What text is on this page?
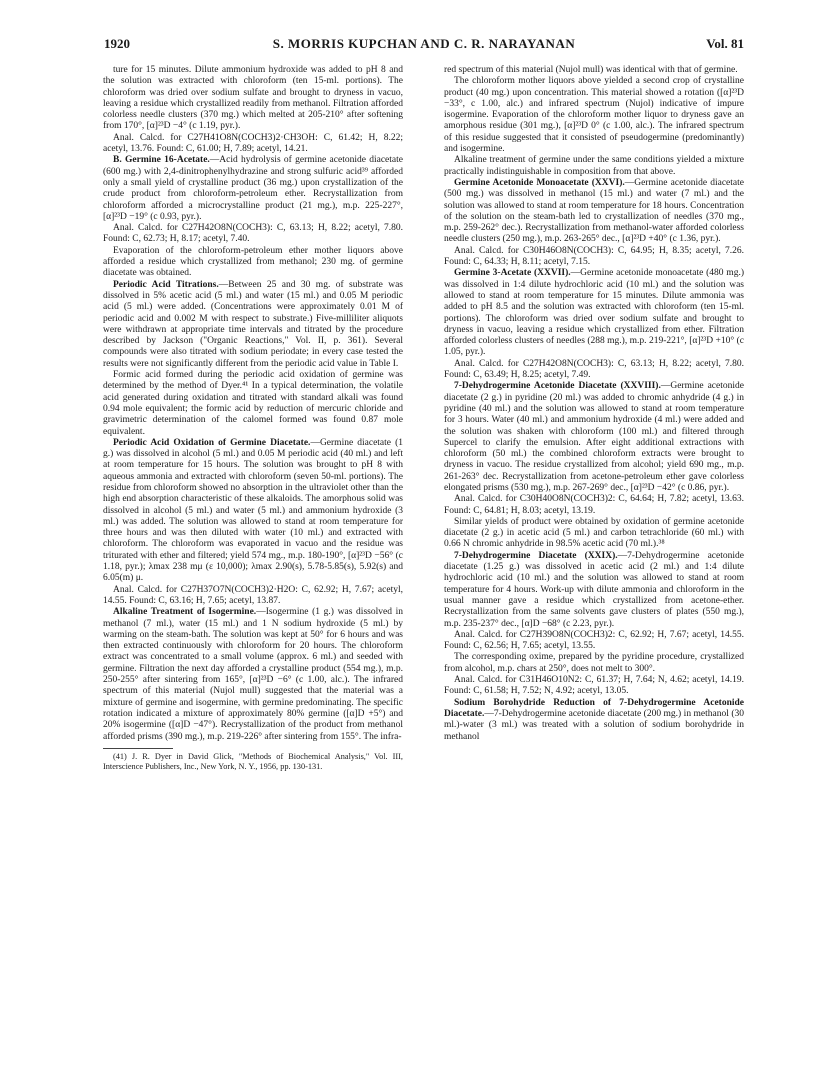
1920	S. MORRIS KUPCHAN AND C. R. NARAYANAN	Vol. 81

ture for 15 minutes. Dilute ammonium hydroxide was added to pH 8 and the solution was extracted with chloroform (ten 15-ml. portions). The chloroform was dried over sodium sulfate and brought to dryness in vacuo, leaving a residue which crystallized readily from methanol. Filtration afforded colorless needle clusters (370 mg.) which melted at 205-210° after softening from 170°, [α]²³D −4° (c 1.19, pyr.).

Anal. Calcd. for C27H41O8N(COCH3)2·CH3OH: C, 61.42; H, 8.22; acetyl, 13.76. Found: C, 61.00; H, 7.89; acetyl, 14.21.

B. Germine 16-Acetate.—Acid hydrolysis of germine acetonide diacetate (600 mg.) with 2,4-dinitrophenylhydrazine and strong sulfuric acid³⁹ afforded only a small yield of crystalline product (36 mg.) upon crystallization of the crude product from chloroform-petroleum ether. Recrystallization from chloroform afforded a microcrystalline product (21 mg.), m.p. 225-227°, [α]²³D −19° (c 0.93, pyr.).

Anal. Calcd. for C27H42O8N(COCH3): C, 63.13; H, 8.22; acetyl, 7.80. Found: C, 62.73; H, 8.17; acetyl, 7.40.

Evaporation of the chloroform-petroleum ether mother liquors above afforded a residue which crystallized from methanol; 230 mg. of germine diacetate was obtained.

Periodic Acid Titrations.—Between 25 and 30 mg. of substrate was dissolved in 5% acetic acid (5 ml.) and water (15 ml.) and 0.05 M periodic acid (5 ml.) were added. (Concentrations were approximately 0.01 M of periodic acid and 0.002 M with respect to substrate.) Five-milliliter aliquots were withdrawn at appropriate time intervals and titrated by the procedure described by Jackson ("Organic Reactions," Vol. II, p. 361). Several compounds were also titrated with sodium periodate; in every case tested the results were not significantly different from the periodic acid value in Table I.

Formic acid formed during the periodic acid oxidation of germine was determined by the method of Dyer.⁴¹ In a typical determination, the volatile acid generated during oxidation and titrated with standard alkali was found 0.94 mole equivalent; the formic acid by reduction of mercuric chloride and gravimetric determination of the calomel formed was found 0.87 mole equivalent.

Periodic Acid Oxidation of Germine Diacetate.—Germine diacetate (1 g.) was dissolved in alcohol (5 ml.) and 0.05 M periodic acid (40 ml.) and left at room temperature for 15 hours. The solution was brought to pH 8 with aqueous ammonia and extracted with chloroform (seven 50-ml. portions). The residue from chloroform showed no absorption in the ultraviolet other than the high end absorption characteristic of these alkaloids. The amorphous solid was dissolved in alcohol (5 ml.) and water (5 ml.) and ammonium hydroxide (3 ml.) was added. The solution was allowed to stand at room temperature for three hours and was then diluted with water (10 ml.) and extracted with chloroform. The chloroform was evaporated in vacuo and the residue was triturated with ether and filtered; yield 574 mg., m.p. 180-190°, [α]²³D −56° (c 1.18, pyr.); λmax 238 mμ (ε 10,000); λmax 2.90(s), 5.78-5.85(s), 5.92(s) and 6.05(m) μ.

Anal. Calcd. for C27H37O7N(COCH3)2·H2O: C, 62.92; H, 7.67; acetyl, 14.55. Found: C, 63.16; H, 7.65; acetyl, 13.87.

Alkaline Treatment of Isogermine.—Isogermine (1 g.) was dissolved in methanol (7 ml.), water (15 ml.) and 1 N sodium hydroxide (5 ml.) by warming on the steam-bath. The solution was kept at 50° for 6 hours and was then extracted continuously with chloroform for 20 hours. The chloroform extract was concentrated to a small volume (approx. 6 ml.) and seeded with germine. Filtration the next day afforded a crystalline product (554 mg.), m.p. 250-255° after sintering from 165°, [α]²³D −6° (c 1.00, alc.). The infrared spectrum of this material (Nujol mull) suggested that the material was a mixture of germine and isogermine, with germine predominating. The specific rotation indicated a mixture of approximately 80% germine ([α]D +5°) and 20% isogermine ([α]D −47°). Recrystallization of the product from methanol afforded prisms (390 mg.), m.p. 219-226° after sintering from 155°. The infra-

(41) J. R. Dyer in David Glick, "Methods of Biochemical Analysis," Vol. III, Interscience Publishers, Inc., New York, N. Y., 1956, pp. 130-131.

red spectrum of this material (Nujol mull) was identical with that of germine.

The chloroform mother liquors above yielded a second crop of crystalline product (40 mg.) upon concentration. This material showed a rotation ([α]²³D −33°, c 1.00, alc.) and infrared spectrum (Nujol) indicative of impure isogermine. Evaporation of the chloroform mother liquor to dryness gave an amorphous residue (301 mg.), [α]²³D 0° (c 1.00, alc.). The infrared spectrum of this residue suggested that it consisted of pseudogermine (predominantly) and isogermine.

Alkaline treatment of germine under the same conditions yielded a mixture practically indistinguishable in composition from that above.

Germine Acetonide Monoacetate (XXVI).—Germine acetonide diacetate (500 mg.) was dissolved in methanol (15 ml.) and water (7 ml.) and the solution was allowed to stand at room temperature for 18 hours. Concentration of the solution on the steam-bath led to crystallization of needles (370 mg., m.p. 259-262° dec.). Recrystallization from methanol-water afforded colorless needle clusters (250 mg.), m.p. 263-265° dec., [α]²³D +40° (c 1.36, pyr.).

Anal. Calcd. for C30H46O8N(COCH3): C, 64.95; H, 8.35; acetyl, 7.26. Found: C, 64.33; H, 8.11; acetyl, 7.15.

Germine 3-Acetate (XXVII).—Germine acetonide monoacetate (480 mg.) was dissolved in 1:4 dilute hydrochloric acid (10 ml.) and the solution was allowed to stand at room temperature for 15 minutes. Dilute ammonia was added to pH 8.5 and the solution was extracted with chloroform (ten 15-ml. portions). The chloroform was dried over sodium sulfate and brought to dryness in vacuo, leaving a residue which crystallized from ether. Filtration afforded colorless clusters of needles (288 mg.), m.p. 219-221°, [α]²³D +10° (c 1.05, pyr.).

Anal. Calcd. for C27H42O8N(COCH3): C, 63.13; H, 8.22; acetyl, 7.80. Found: C, 63.49; H, 8.25; acetyl, 7.49.

7-Dehydrogermine Acetonide Diacetate (XXVIII).—Germine acetonide diacetate (2 g.) in pyridine (20 ml.) was added to chromic anhydride (4 g.) in pyridine (40 ml.) and the solution was allowed to stand at room temperature for 3 hours. Water (40 ml.) and ammonium hydroxide (4 ml.) were added and the solution was shaken with chloroform (100 ml.) and filtered through Supercel to clarify the emulsion. After eight additional extractions with chloroform (50 ml.) the combined chloroform extracts were brought to dryness in vacuo. The residue crystallized from alcohol; yield 690 mg., m.p. 261-263° dec. Recrystallization from acetone-petroleum ether gave colorless elongated prisms (530 mg.), m.p. 267-269° dec., [α]²³D −42° (c 0.86, pyr.).

Anal. Calcd. for C30H40O8N(COCH3)2: C, 64.64; H, 7.82; acetyl, 13.63. Found: C, 64.81; H, 8.03; acetyl, 13.19.

Similar yields of product were obtained by oxidation of germine acetonide diacetate (2 g.) in acetic acid (5 ml.) and carbon tetrachloride (60 ml.) with 0.66 N chromic anhydride in 98.5% acetic acid (70 ml.).³⁸

7-Dehydrogermine Diacetate (XXIX).—7-Dehydrogermine acetonide diacetate (1.25 g.) was dissolved in acetic acid (2 ml.) and 1:4 dilute hydrochloric acid (10 ml.) and the solution was allowed to stand at room temperature for 4 hours. Work-up with dilute ammonia and chloroform in the usual manner gave a residue which crystallized from acetone-ether. Recrystallization from the same solvents gave clusters of plates (550 mg.), m.p. 235-237° dec., [α]D −68° (c 2.23, pyr.).

Anal. Calcd. for C27H39O8N(COCH3)2: C, 62.92; H, 7.67; acetyl, 14.55. Found: C, 62.56; H, 7.65; acetyl, 13.55.

The corresponding oxime, prepared by the pyridine procedure, crystallized from alcohol, m.p. chars at 250°, does not melt to 300°.

Anal. Calcd. for C31H46O10N2: C, 61.37; H, 7.64; N, 4.62; acetyl, 14.19. Found: C, 61.58; H, 7.52; N, 4.92; acetyl, 13.05.

Sodium Borohydride Reduction of 7-Dehydrogermine Acetonide Diacetate.—7-Dehydrogermine acetonide diacetate (200 mg.) in methanol (30 ml.)-water (3 ml.) was treated with a solution of sodium borohydride in methanol
